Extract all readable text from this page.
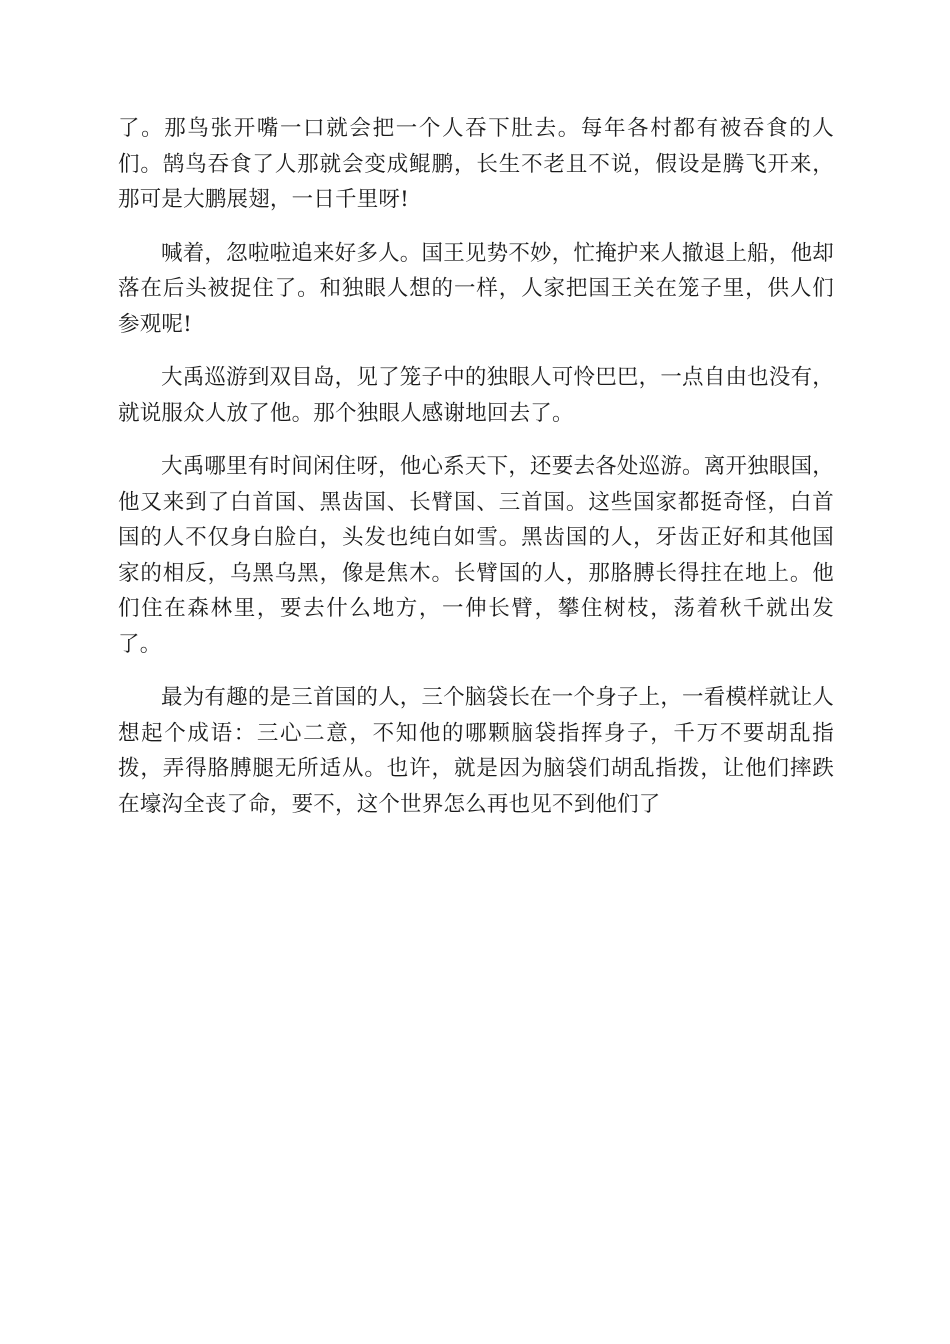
了。那鸟张开嘴一口就会把一个人吞下肚去。每年各村都有被吞食的人们。鹄鸟吞食了人那就会变成鲲鹏，长生不老且不说，假设是腾飞开来，那可是大鹏展翅，一日千里呀!

喊着，忽啦啦追来好多人。国王见势不妙，忙掩护来人撤退上船，他却落在后头被捉住了。和独眼人想的一样，人家把国王关在笼子里，供人们参观呢!

大禹巡游到双目岛，见了笼子中的独眼人可怜巴巴，一点自由也没有，就说服众人放了他。那个独眼人感谢地回去了。

大禹哪里有时间闲住呀，他心系天下，还要去各处巡游。离开独眼国，他又来到了白首国、黑齿国、长臂国、三首国。这些国家都挺奇怪，白首国的人不仅身白脸白，头发也纯白如雪。黑齿国的人，牙齿正好和其他国家的相反，乌黑乌黑，像是焦木。长臂国的人，那胳膊长得拄在地上。他们住在森林里，要去什么地方，一伸长臂，攀住树枝，荡着秋千就出发了。

最为有趣的是三首国的人，三个脑袋长在一个身子上，一看模样就让人想起个成语：三心二意，不知他的哪颗脑袋指挥身子，千万不要胡乱指拨，弄得胳膊腿无所适从。也许，就是因为脑袋们胡乱指拨，让他们摔跌在壕沟全丧了命，要不，这个世界怎么再也见不到他们了
